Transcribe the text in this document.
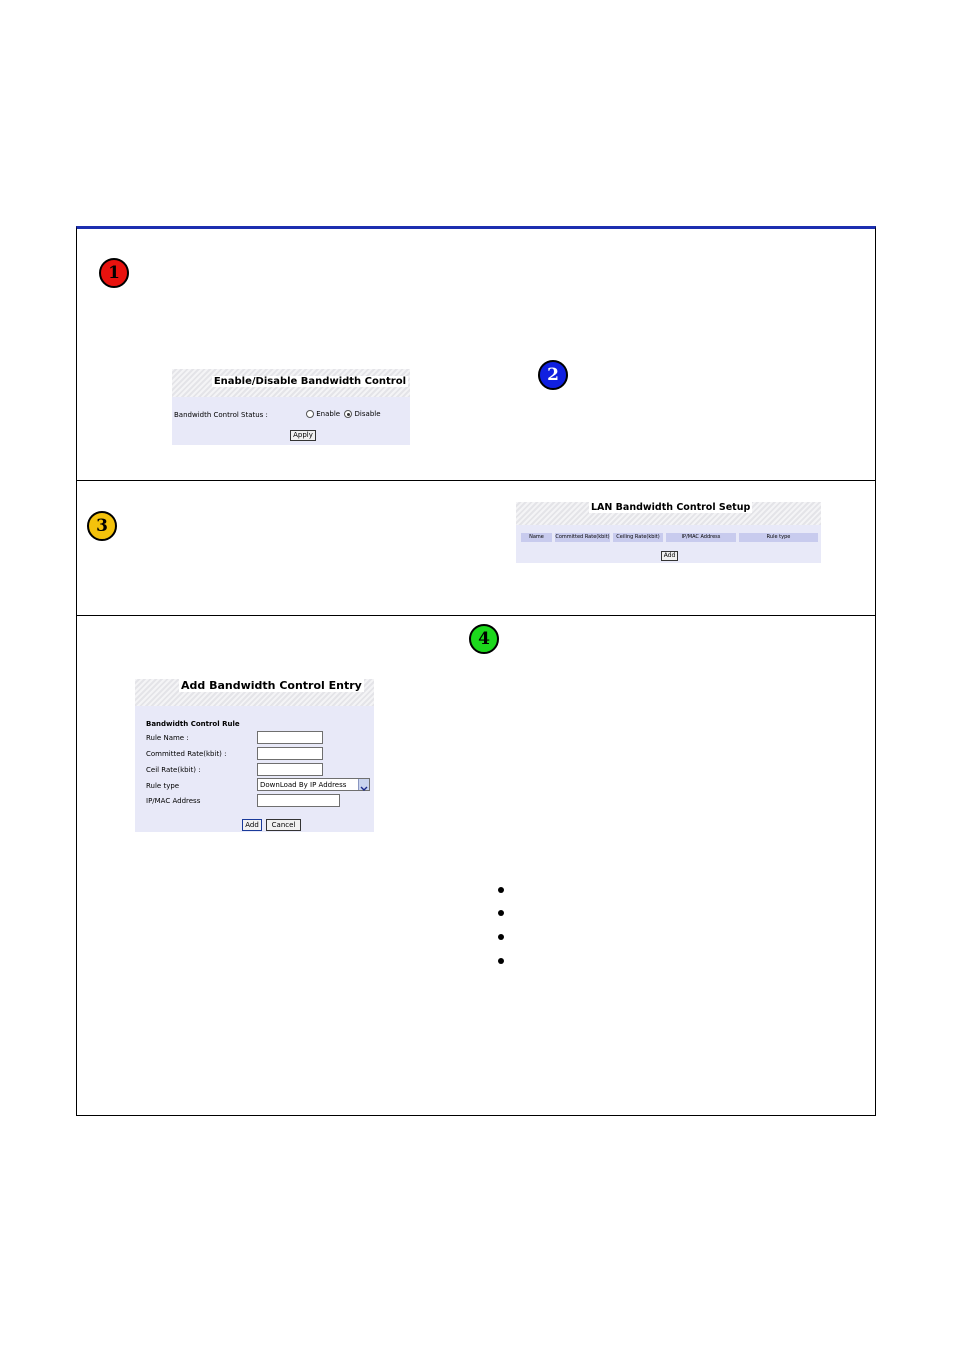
1
Enable/Disable Bandwidth Control
Bandwidth Control Status :	Enable Disable
Apply
2
3
LAN Bandwidth Control Setup
Name	Committed Rate(kbit)	Ceiling Rate(kbit)	IP/MAC Address	Rule type
Add
4
Add Bandwidth Control Entry
Bandwidth Control Rule
Rule Name :
Committed Rate(kbit) :
Ceil Rate(kbit) :
Rule type	DownLoad By IP Address
IP/MAC Address
Add	Cancel
